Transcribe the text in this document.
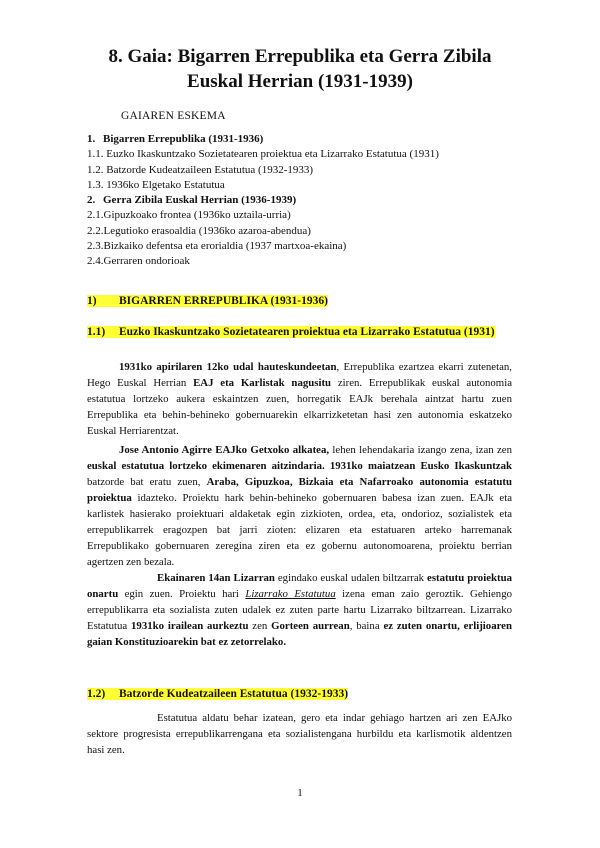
8. Gaia: Bigarren Errepublika eta Gerra Zibila
Euskal Herrian (1931-1939)
GAIAREN ESKEMA
1. Bigarren Errepublika (1931-1936)
1.1. Euzko Ikaskuntzako Sozietatearen proiektua eta Lizarrako Estatutua (1931)
1.2. Batzorde Kudeatzaileen Estatutua (1932-1933)
1.3. 1936ko Elgetako Estatutua
2. Gerra Zibila Euskal Herrian (1936-1939)
2.1.Gipuzkoako frontea (1936ko uztaila-urria)
2.2.Legutioko erasoaldia (1936ko azaroa-abendua)
2.3.Bizkaiko defentsa eta erorialdia (1937 martxoa-ekaina)
2.4.Gerraren ondorioak
1) BIGARREN ERREPUBLIKA (1931-1936)
1.1) Euzko Ikaskuntzako Sozietatearen proiektua eta Lizarrako Estatutua (1931)
1931ko apirilaren 12ko udal hauteskundeetan, Errepublika ezartzea ekarri zutenetan, Hego Euskal Herrian EAJ eta Karlistak nagusitu ziren. Errepublikak euskal autonomia estatutua lortzeko aukera eskaintzen zuen, horregatik EAJk berehala aintzat hartu zuen Errepublika eta behin-behineko gobernuarekin elkarrizketetan hasi zen autonomia eskatzeko Euskal Herriarentzat.
Jose Antonio Agirre EAJko Getxoko alkatea, lehen lehendakaria izango zena, izan zen euskal estatutua lortzeko ekimenaren aitzindaria. 1931ko maiatzean Eusko Ikaskuntzak batzorde bat eratu zuen, Araba, Gipuzkoa, Bizkaia eta Nafarroako autonomia estatutu proiektua idazteko. Proiektu hark behin-behineko gobernuaren babesa izan zuen. EAJk eta karlistek hasierako proiektuari aldaketak egin zizkioten, ordea, eta, ondorioz, sozialistek eta errepublikarrek eragozpen bat jarri zioten: elizaren eta estatuaren arteko harremanak Errepublikako gobernuaren zeregina ziren eta ez gobernu autonomoarena, proiektu berrian agertzen zen bezala.
Ekainaren 14an Lizarran egindako euskal udalen biltzarrak estatutu proiektua onartu egin zuen. Proiektu hari Lizarrako Estatutua izena eman zaio geroztik. Gehiengo errepublikarra eta sozialista zuten udalek ez zuten parte hartu Lizarrako biltzarrean. Lizarrako Estatutua 1931ko irailean aurkeztu zen Gorteen aurrean, baina ez zuten onartu, erlijioaren gaian Konstituzioarekin bat ez zetorrelako.
1.2) Batzorde Kudeatzaileen Estatutua (1932-1933)
Estatutua aldatu behar izatean, gero eta indar gehiago hartzen ari zen EAJko sektore progresista errepublikarrengana eta sozialistengana hurbildu eta karlismotik aldentzen hasi zen.
1
